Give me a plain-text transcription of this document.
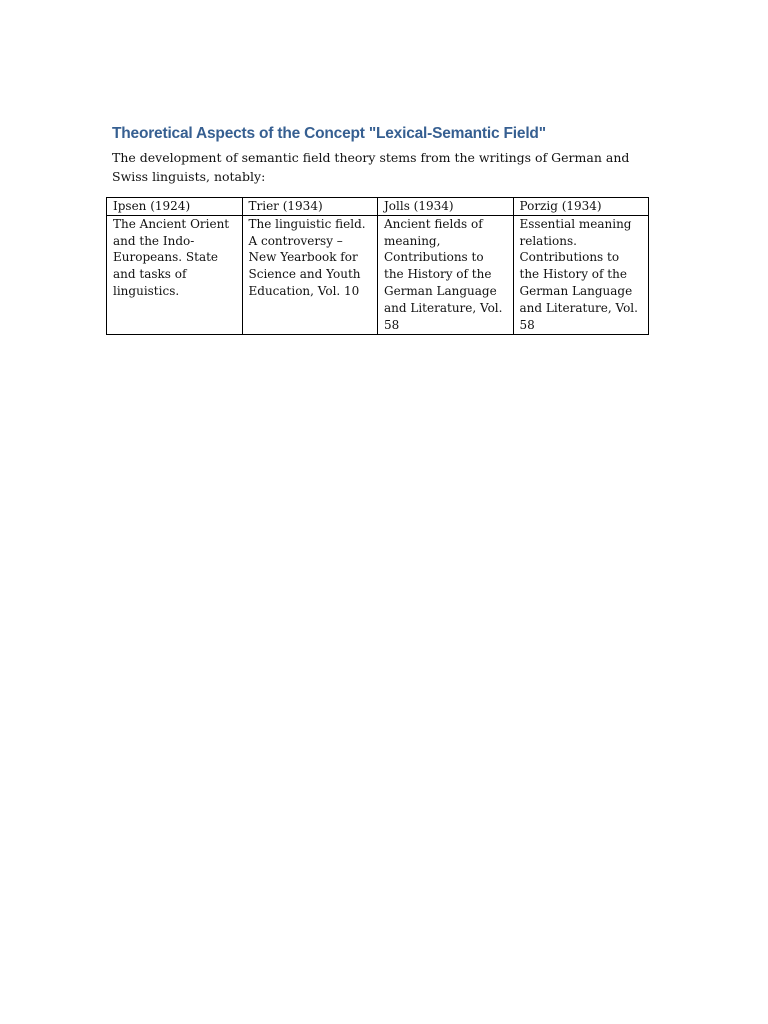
Theoretical Aspects of the Concept "Lexical-Semantic Field"

The development of semantic field theory stems from the writings of German and Swiss linguists, notably:

Ipsen (1924)	Trier (1934)	Jolls (1934)	Porzig (1934)
The Ancient Orient and the Indo-Europeans. State and tasks of linguistics.	The linguistic field. A controversy – New Yearbook for Science and Youth Education, Vol. 10	Ancient fields of meaning, Contributions to the History of the German Language and Literature, Vol. 58	Essential meaning relations. Contributions to the History of the German Language and Literature, Vol. 58
